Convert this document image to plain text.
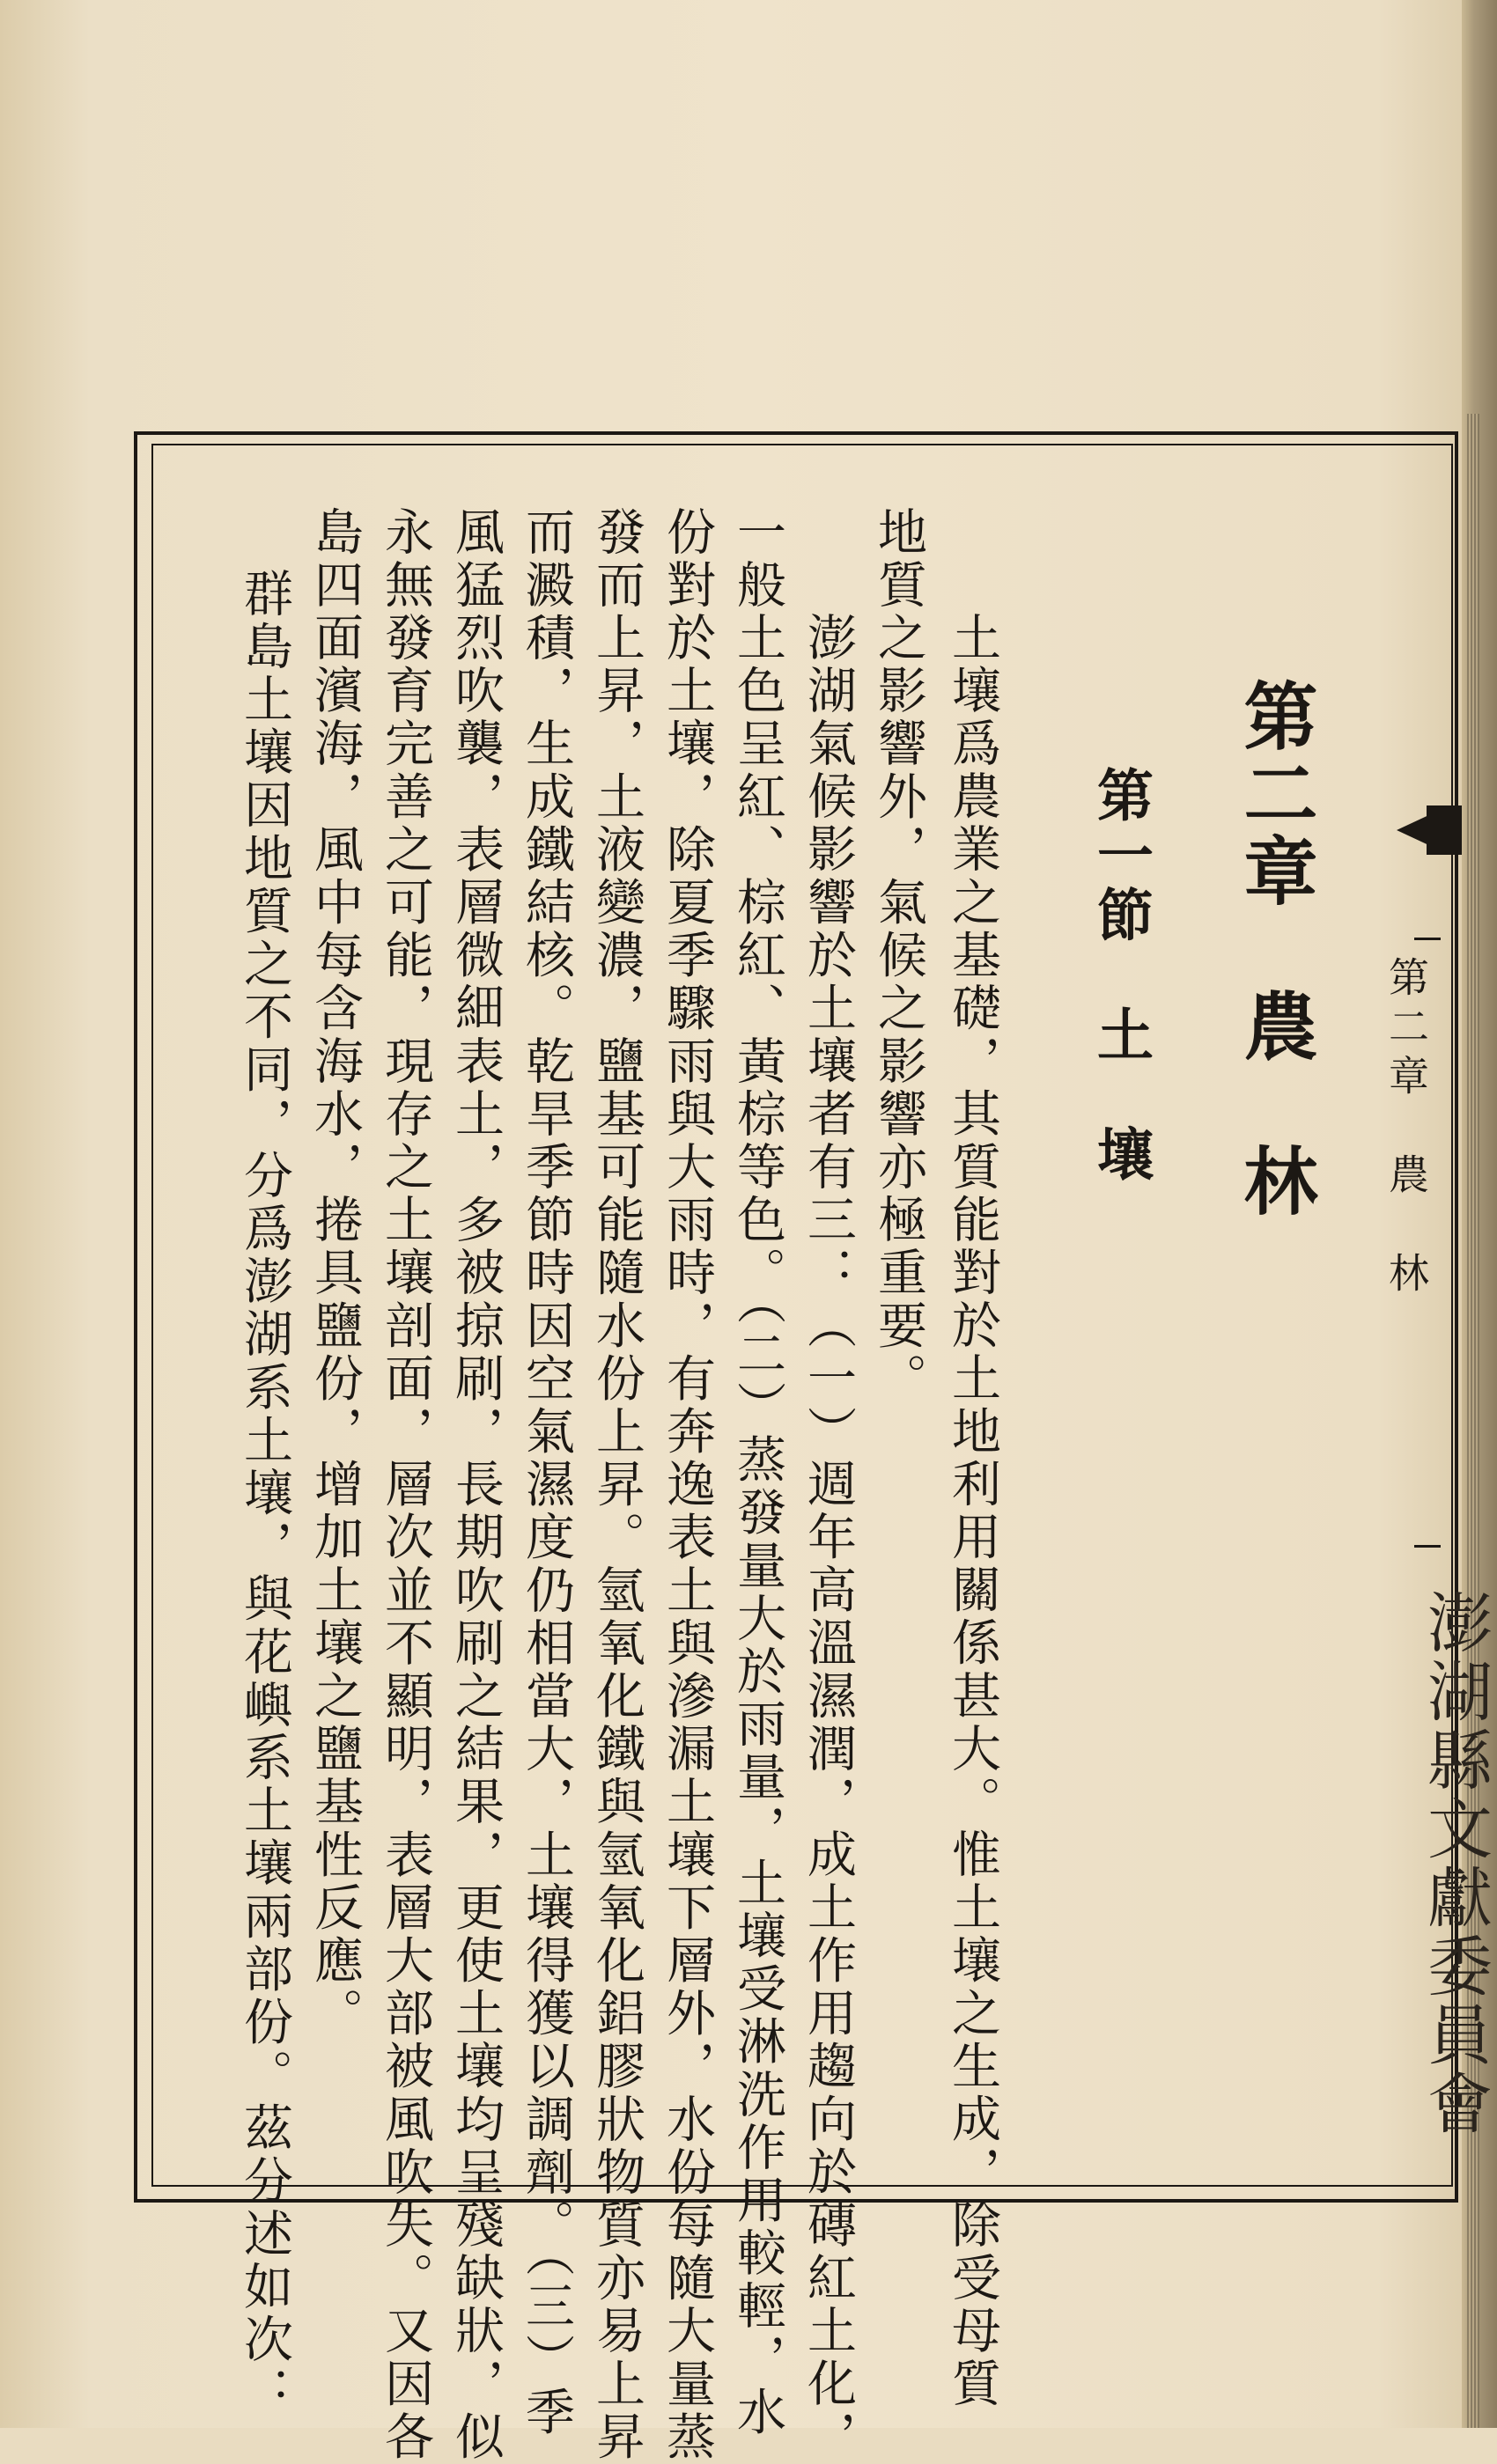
第二章　農　林
第一節　土　壤
土壤爲農業之基礎，其質能對於土地利用關係甚大。惟土壤之生成，除受母質
地質之影響外，氣候之影響亦極重要。
澎湖氣候影響於土壤者有三：（一）週年高溫濕潤，成土作用趨向於磚紅土化，
一般土色呈紅、棕紅、黃棕等色。（二）蒸發量大於雨量，土壤受淋洗作用較輕，水
份對於土壤，除夏季驟雨與大雨時，有奔逸表土與滲漏土壤下層外，水份每隨大量蒸
發而上昇，土液變濃，鹽基可能隨水份上昇。氫氧化鐵與氫氧化鋁膠狀物質亦易上昇
而澱積，生成鐵結核。乾旱季節時因空氣濕度仍相當大，土壤得獲以調劑。（三）季
風猛烈吹襲，表層微細表土，多被掠刷，長期吹刷之結果，更使土壤均呈殘缺狀，似
永無發育完善之可能，現存之土壤剖面，層次並不顯明，表層大部被風吹失。又因各
島四面濱海，風中每含海水，捲具鹽份，增加土壤之鹽基性反應。
群島土壤因地質之不同，分爲澎湖系土壤，與花嶼系土壤兩部份。茲分述如次：	第二章　農　林
澎湖縣文獻委員會
